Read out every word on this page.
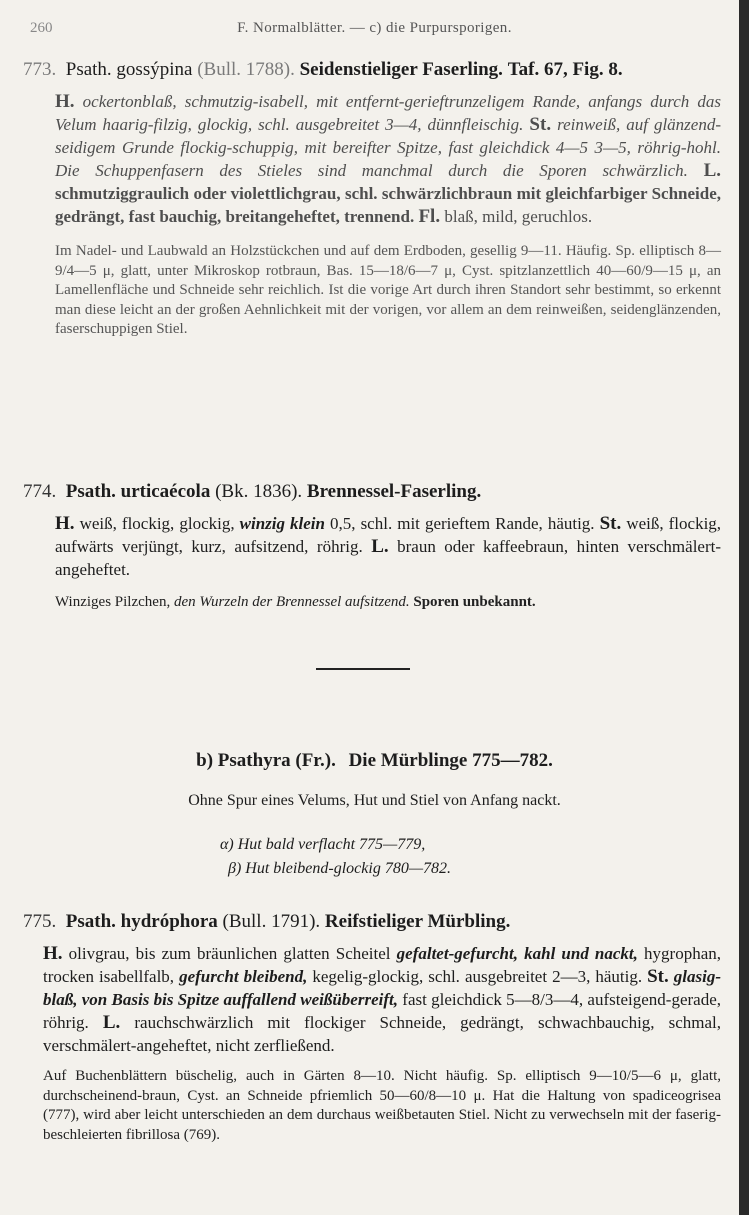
260	F. Normalblätter. — c) die Purpursporigen.
773. Psath. gossýpina (Bull. 1788). Seidenstieliger Faserling. Taf. 67, Fig. 8.
H. ockertonblaß, schmutzig-isabell, mit entfernt-gerieftrunzeligem Rande, anfangs durch das Velum haarig-filzig, glockig, schl. ausgebreitet 3—4, dünnfleischig. St. reinweiß, auf glänzend-seidigem Grunde flockig-schuppig, mit bereifter Spitze, fast gleichdick 4—5 3—5, röhrig-hohl. Die Schuppenfasern des Stieles sind manchmal durch die Sporen schwärzlich. L. schmutziggraulich oder violettlichgrau, schl. schwärzlichbraun mit gleichfarbiger Schneide, gedrängt, fast bauchig, breitangeheftet, trennend. Fl. blaß, mild, geruchlos.
Im Nadel- und Laubwald an Holzstückchen und auf dem Erdboden, gesellig 9—11. Häufig. Sp. elliptisch 8—9/4—5 μ, glatt, unter Mikroskop rotbraun, Bas. 15—18/6—7 μ, Cyst. spitzlanzettlich 40—60/9—15 μ, an Lamellenfläche und Schneide sehr reichlich. Ist die vorige Art durch ihren Standort sehr bestimmt, so erkennt man diese leicht an der großen Aehnlichkeit mit der vorigen, vor allem an dem reinweißen, seidenglänzenden, faserschuppigen Stiel.
774. Psath. urticaécola (Bk. 1836). Brennessel-Faserling.
H. weiß, flockig, glockig, winzig klein 0,5, schl. mit gerieftem Rande, häutig. St. weiß, flockig, aufwärts verjüngt, kurz, aufsitzend, röhrig. L. braun oder kaffeebraun, hinten verschmälert-angeheftet.
Winziges Pilzchen, den Wurzeln der Brennessel aufsitzend. Sporen unbekannt.
b) Psathyra (Fr.). Die Mürblinge 775—782.
Ohne Spur eines Velums, Hut und Stiel von Anfang nackt.
α) Hut bald verflacht 775—779,
β) Hut bleibend-glockig 780—782.
775. Psath. hydróphora (Bull. 1791). Reifstieliger Mürbling.
H. olivgrau, bis zum bräunlichen glatten Scheitel gefaltet-gefurcht, kahl und nackt, hygrophan, trocken isabellfalb, gefurcht bleibend, kegelig-glockig, schl. ausgebreitet 2—3, häutig. St. glasig-blaß, von Basis bis Spitze auffallend weißüberreift, fast gleichdick 5—8/3—4, aufsteigend-gerade, röhrig. L. rauchschwärzlich mit flockiger Schneide, gedrängt, schwachbauchig, schmal, verschmälert-angeheftet, nicht zerfließend.
Auf Buchenblättern büschelig, auch in Gärten 8—10. Nicht häufig. Sp. elliptisch 9—10/5—6 μ, glatt, durchscheinend-braun, Cyst. an Schneide pfriemlich 50—60/8—10 μ. Hat die Haltung von spadiceogrisea (777), wird aber leicht unterschieden an dem durchaus weißbetauten Stiel. Nicht zu verwechseln mit der faserig-beschleierten fibrillosa (769).
